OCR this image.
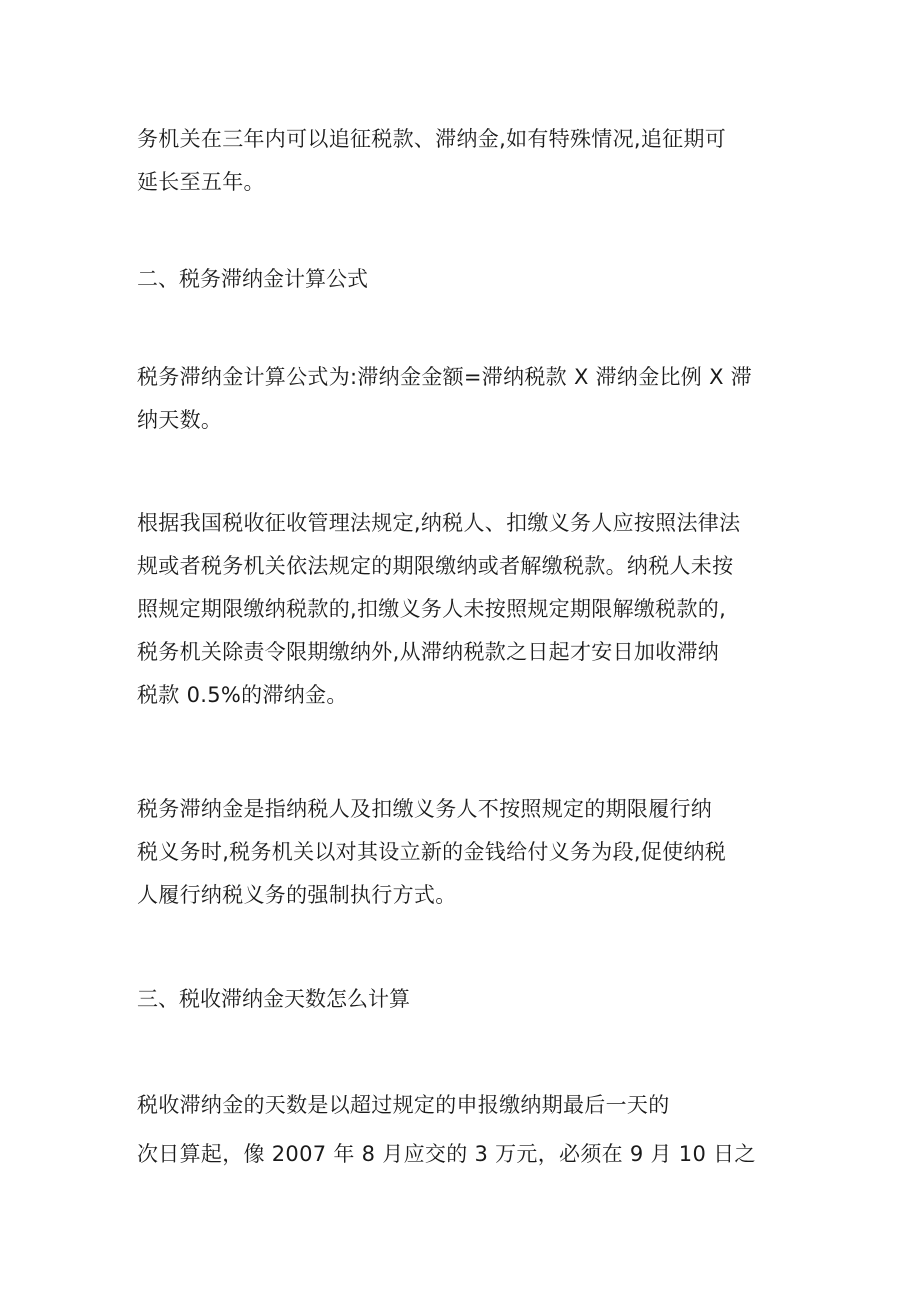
务机关在三年内可以追征税款、滞纳金,如有特殊情况,追征期可
延长至五年。

二、税务滞纳金计算公式

税务滞纳金计算公式为:滞纳金金额=滞纳税款 X 滞纳金比例 X 滞
纳天数。

根据我国税收征收管理法规定,纳税人、扣缴义务人应按照法律法
规或者税务机关依法规定的期限缴纳或者解缴税款。纳税人未按
照规定期限缴纳税款的,扣缴义务人未按照规定期限解缴税款的,
税务机关除责令限期缴纳外,从滞纳税款之日起才安日加收滞纳
税款 0.5%的滞纳金。

税务滞纳金是指纳税人及扣缴义务人不按照规定的期限履行纳
税义务时,税务机关以对其设立新的金钱给付义务为段,促使纳税
人履行纳税义务的强制执行方式。

三、税收滞纳金天数怎么计算

税收滞纳金的天数是以超过规定的申报缴纳期最后一天的
次日算起，像 2007 年 8 月应交的 3 万元，必须在 9 月 10 日之
